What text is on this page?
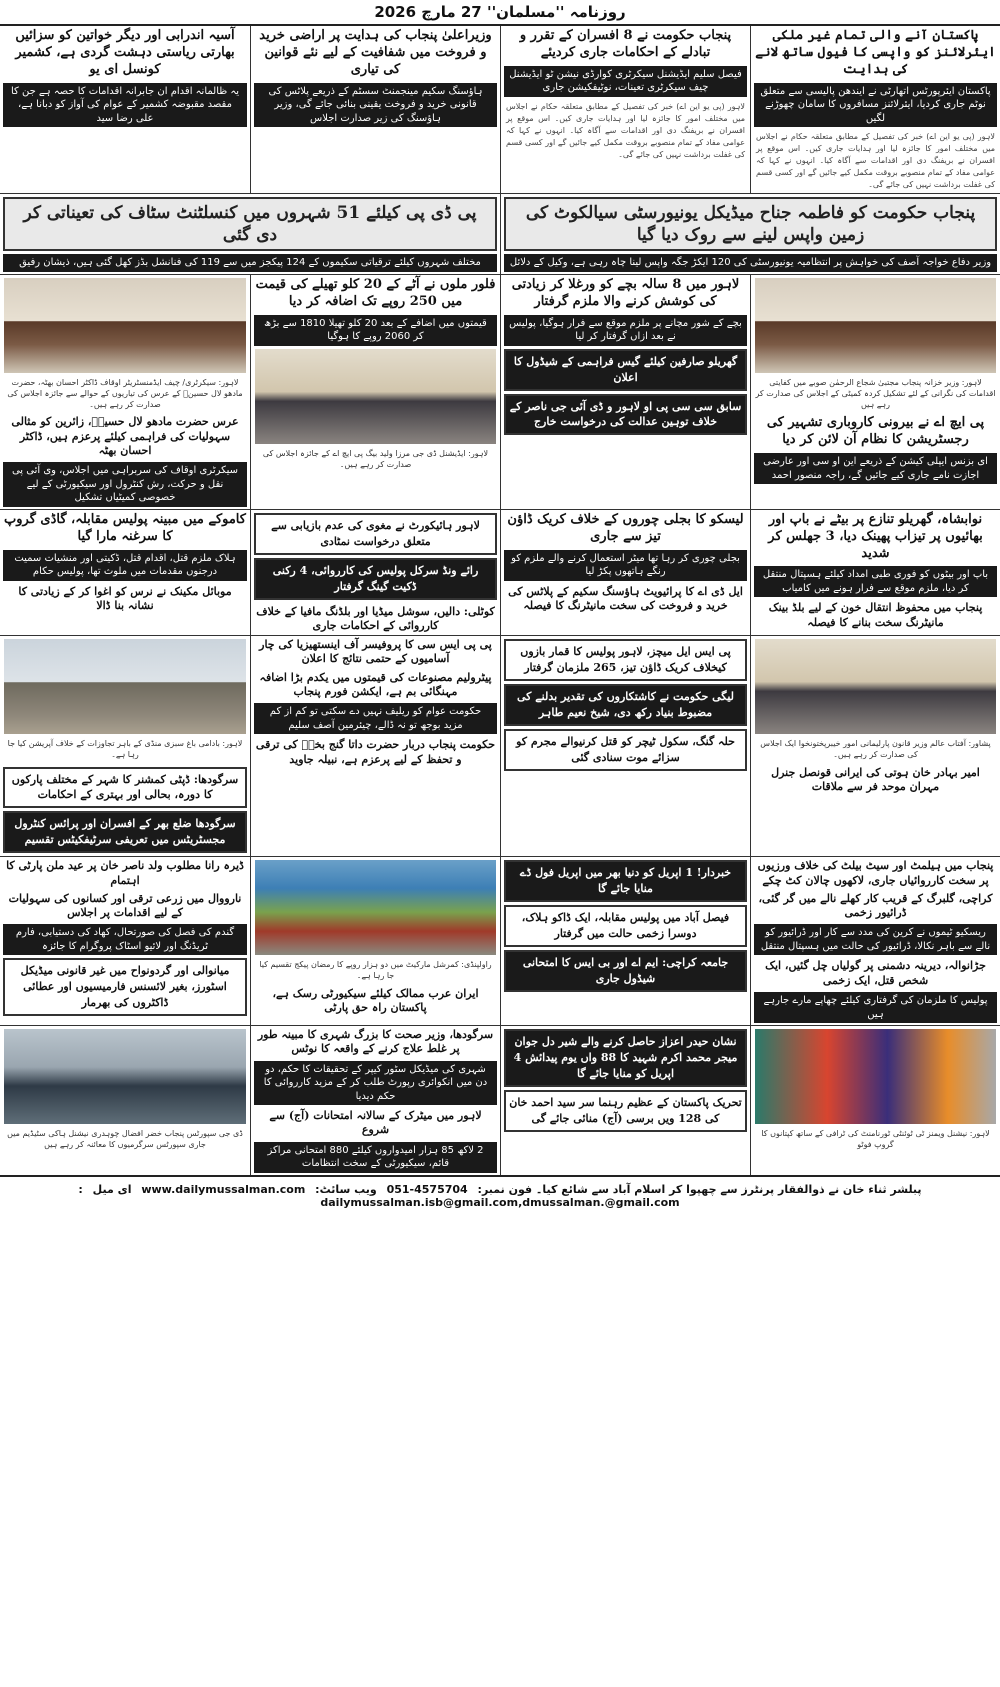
روزنامہ ''مسلمان'' 27 مارچ 2026
پاکستان آنے والی تمام غیر ملکی ایئرلائنز کو واپسی کا فیول ساتھ لانے کی ہدایت
پاکستان ایئرپورٹس اتھارٹی نے ایندھن پالیسی سے متعلق نوٹم جاری کردیا، ایئرلائنز مسافروں کا سامان چھوڑنے لگیں
لاہور (پی یو این اے) خبر کی تفصیل کے مطابق متعلقہ حکام نے اجلاس میں مختلف امور کا جائزہ لیا اور ہدایات جاری کیں۔ اس موقع پر افسران نے بریفنگ دی اور اقدامات سے آگاہ کیا۔ انہوں نے کہا کہ عوامی مفاد کے تمام منصوبے بروقت مکمل کیے جائیں گے اور کسی قسم کی غفلت برداشت نہیں کی جائے گی۔
پنجاب حکومت نے 8 افسران کے تقرر و تبادلے کے احکامات جاری کردیئے
فیصل سلیم ایڈیشنل سیکرٹری کوارڈی نیشن ٹو ایڈیشنل چیف سیکرٹری تعینات، نوٹیفکیشن جاری
لاہور (پی یو این اے) خبر کی تفصیل کے مطابق متعلقہ حکام نے اجلاس میں مختلف امور کا جائزہ لیا اور ہدایات جاری کیں۔ اس موقع پر افسران نے بریفنگ دی اور اقدامات سے آگاہ کیا۔ انہوں نے کہا کہ عوامی مفاد کے تمام منصوبے بروقت مکمل کیے جائیں گے اور کسی قسم کی غفلت برداشت نہیں کی جائے گی۔
وزیراعلیٰ پنجاب کی ہدایت پر اراضی خرید و فروخت میں شفافیت کے لیے نئے قوانین کی تیاری
ہاؤسنگ سکیم مینجمنٹ سسٹم کے ذریعے پلاٹس کی قانونی خرید و فروخت یقینی بنائی جائے گی، وزیر ہاؤسنگ کی زیر صدارت اجلاس
آسیہ اندرابی اور دیگر خواتین کو سزائیں بھارتی ریاستی دہشت گردی ہے، کشمیر کونسل ای یو
یہ ظالمانہ اقدام ان جابرانہ اقدامات کا حصہ ہے جن کا مقصد مقبوضہ کشمیر کے عوام کی آواز کو دبانا ہے، علی رضا سید
پنجاب حکومت کو فاطمہ جناح میڈیکل یونیورسٹی سیالکوٹ کی زمین واپس لینے سے روک دیا گیا
وزیر دفاع خواجہ آصف کی خواہش پر انتظامیہ یونیورسٹی کی 120 ایکڑ جگہ واپس لینا چاہ رہی ہے، وکیل کے دلائل
پی ڈی پی کیلئے 51 شہروں میں کنسلٹنٹ سٹاف کی تعیناتی کر دی گئی
مختلف شہروں کیلئے ترقیاتی سکیموں کے 124 پیکجز میں سے 119 کی فنانشل بڈز کھل گئی ہیں، ذیشان رفیق
لاہور: وزیر خزانہ پنجاب مجتبیٰ شجاع الرحمٰن صوبے میں کفایتی اقدامات کی نگرانی کے لئے تشکیل کردہ کمیٹی کے اجلاس کی صدارت کر رہے ہیں
پی ایچ اے نے بیرونی کاروباری تشہیر کی رجسٹریشن کا نظام آن لائن کر دیا
ای بزنس ایپلی کیشن کے ذریعے این او سی اور عارضی اجازت نامے جاری کیے جائیں گے، راجہ منصور احمد
لاہور میں 8 سالہ بچے کو ورغلا کر زیادتی کی کوشش کرنے والا ملزم گرفتار
بچے کے شور مچانے پر ملزم موقع سے فرار ہوگیا، پولیس نے بعد ازاں گرفتار کر لیا
گھریلو صارفین کیلئے گیس فراہمی کے شیڈول کا اعلان
سابق سی سی پی او لاہور و ڈی آئی جی ناصر کے خلاف توہین عدالت کی درخواست خارج
فلور ملوں نے آٹے کے 20 کلو تھیلے کی قیمت میں 250 روپے تک اضافہ کر دیا
قیمتوں میں اضافے کے بعد 20 کلو تھیلا 1810 سے بڑھ کر 2060 روپے کا ہوگیا
لاہور: ایڈیشنل ڈی جی مرزا ولید بیگ پی ایچ اے کے جائزہ اجلاس کی صدارت کر رہے ہیں۔
لاہور: سیکرٹری/ چیف ایڈمنسٹریٹر اوقاف ڈاکٹر احسان بھٹہ، حضرت مادھو لال حسینؒ کے عرس کی تیاریوں کے حوالے سے جائزہ اجلاس کی صدارت کر رہے ہیں۔
عرس حضرت مادھو لال حسینؒ، زائرین کو مثالی سہولیات کی فراہمی کیلئے پرعزم ہیں، ڈاکٹر احسان بھٹہ
سیکرٹری اوقاف کی سربراہی میں اجلاس، وی آئی پی نقل و حرکت، رش کنٹرول اور سیکیورٹی کے لیے خصوصی کمیٹیاں تشکیل
نوابشاہ، گھریلو تنازع پر بیٹے نے باپ اور بھائیوں پر تیزاب پھینک دیا، 3 جھلس کر شدید
باپ اور بیٹوں کو فوری طبی امداد کیلئے ہسپتال منتقل کر دیا، ملزم موقع سے فرار ہونے میں کامیاب
پنجاب میں محفوظ انتقال خون کے لیے بلڈ بینک مانیٹرنگ سخت بنانے کا فیصلہ
لیسکو کا بجلی چوروں کے خلاف کریک ڈاؤن تیز سے جاری
بجلی چوری کر رہا تھا میٹر استعمال کرنے والے ملزم کو رنگے ہاتھوں پکڑ لیا
ایل ڈی اے کا پرائیویٹ ہاؤسنگ سکیم کے پلاٹس کی خرید و فروخت کی سخت مانیٹرنگ کا فیصلہ
لاہور ہائیکورٹ نے مغوی کی عدم بازیابی سے متعلق درخواست نمٹادی
رائے ونڈ سرکل پولیس کی کارروائی، 4 رکنی ڈکیت گینگ گرفتار
کوٹلی: دالیں، سوشل میڈیا اور بلڈنگ مافیا کے خلاف کارروائی کے احکامات جاری
کاموکے میں مبینہ پولیس مقابلہ، گاڈی گروپ کا سرغنہ مارا گیا
ہلاک ملزم قتل، اقدام قتل، ڈکیتی اور منشیات سمیت درجنوں مقدمات میں ملوث تھا، پولیس حکام
موبائل مکینک نے نرس کو اغوا کر کے زیادتی کا نشانہ بنا ڈالا
پشاور: آفتاب عالم وزیر قانون پارلیمانی امور خیبرپختونخوا ایک اجلاس کی صدارت کر رہے ہیں۔
امیر بہادر خان ہوتی کی ایرانی قونصل جنرل مہران موحد فر سے ملاقات
پی ایس ایل میچز، لاہور پولیس کا قمار بازوں کیخلاف کریک ڈاؤن تیز، 265 ملزمان گرفتار
لیگی حکومت نے کاشتکاروں کی تقدیر بدلنے کی مضبوط بنیاد رکھ دی، شیخ نعیم طاہر
حلہ گنگ، سکول ٹیچر کو قتل کرنیوالے مجرم کو سزائے موت سنادی گئی
پی پی ایس سی کا پروفیسر آف اینستھیزیا کی چار آسامیوں کے حتمی نتائج کا اعلان
پیٹرولیم مصنوعات کی قیمتوں میں یکدم بڑا اضافہ مہنگائی بم ہے، ایکشن فورم پنجاب
حکومت عوام کو ریلیف نہیں دے سکتی تو کم از کم مزید بوجھ تو نہ ڈالے، چیئرمین آصف سلیم
حکومت پنجاب دربار حضرت داتا گنج بخشؒ کی ترقی و تحفظ کے لیے پرعزم ہے، نبیلہ جاوید
لاہور: بادامی باغ سبزی منڈی کے باہر تجاوزات کے خلاف آپریشن کیا جا رہا ہے۔
سرگودھا: ڈپٹی کمشنر کا شہر کے مختلف پارکوں کا دورہ، بحالی اور بہتری کے احکامات
سرگودھا ضلع بھر کے افسران اور پرائس کنٹرول مجسٹریٹس میں تعریفی سرٹیفکیٹس تقسیم
پنجاب میں ہیلمٹ اور سیٹ بیلٹ کی خلاف ورزیوں پر سخت کارروائیاں جاری، لاکھوں چالان کٹ چکے
کراچی، گلبرگ کے قریب کار کھلے نالے میں گر گئی، ڈرائیور زخمی
ریسکیو ٹیموں نے کرین کی مدد سے کار اور ڈرائیور کو نالے سے باہر نکالا، ڈرائیور کی حالت میں ہسپتال منتقل
جڑانوالہ، دیرینہ دشمنی پر گولیاں چل گئیں، ایک شخص قتل، ایک زخمی
پولیس کا ملزمان کی گرفتاری کیلئے چھاپے مارے جارہے ہیں
خبردار! 1 اپریل کو دنیا بھر میں اپریل فول ڈے منایا جائے گا
فیصل آباد میں پولیس مقابلہ، ایک ڈاکو ہلاک، دوسرا زخمی حالت میں گرفتار
جامعہ کراچی: ایم اے اور بی ایس کا امتحانی شیڈول جاری
راولپنڈی: کمرشل مارکیٹ میں دو ہزار روپے کا رمضان پیکج تقسیم کیا جا رہا ہے۔
ایران عرب ممالک کیلئے سیکیورٹی رسک ہے، پاکستان راہ حق پارٹی
ڈیرہ رانا مطلوب ولد ناصر خان پر عید ملن پارٹی کا اہتمام
نارووال میں زرعی ترقی اور کسانوں کی سہولیات کے لیے اقدامات پر اجلاس
گندم کی فصل کی صورتحال، کھاد کی دستیابی، فارم ٹریڈنگ اور لائیو اسٹاک پروگرام کا جائزہ
میانوالی اور گردونواح میں غیر قانونی میڈیکل اسٹورز، بغیر لائسنس فارمیسیوں اور عطائی ڈاکٹروں کی بھرمار
لاہور: نیشنل ویمنز ٹی ٹوئنٹی ٹورنامنٹ کی ٹرافی کے ساتھ کپتانوں کا گروپ فوٹو
نشان حیدر اعزاز حاصل کرنے والے شیر دل جوان میجر محمد اکرم شہید کا 88 واں یوم پیدائش 4 اپریل کو منایا جائے گا
تحریک پاکستان کے عظیم رہنما سر سید احمد خان کی 128 ویں برسی (آج) منائی جائے گی
سرگودھا، وزیر صحت کا بزرگ شہری کا مبینہ طور پر غلط علاج کرنے کے واقعہ کا نوٹس
شہری کی میڈیکل سٹور کیپر کے تحقیقات کا حکم، دو دن میں انکوائری رپورٹ طلب کر کے مزید کارروائی کا حکم دیدیا
لاہور میں میٹرک کے سالانہ امتحانات (آج) سے شروع
2 لاکھ 85 ہزار امیدواروں کیلئے 880 امتحانی مراکز قائم، سیکیورٹی کے سخت انتظامات
ڈی جی سپورٹس پنجاب خضر افضال چوہدری نیشنل ہاکی سٹیڈیم میں جاری سپورٹس سرگرمیوں کا معائنہ کر رہے ہیں
پبلشر ثناء خان نے ذوالفقار پرنٹرز سے چھپوا کر اسلام آباد سے شائع کیا۔ فون نمبر: 051-4575704 ویب سائٹ: www.dailymussalman.com ای میل : dailymussalman.isb@gmail.com,dmussalman.@gmail.com
